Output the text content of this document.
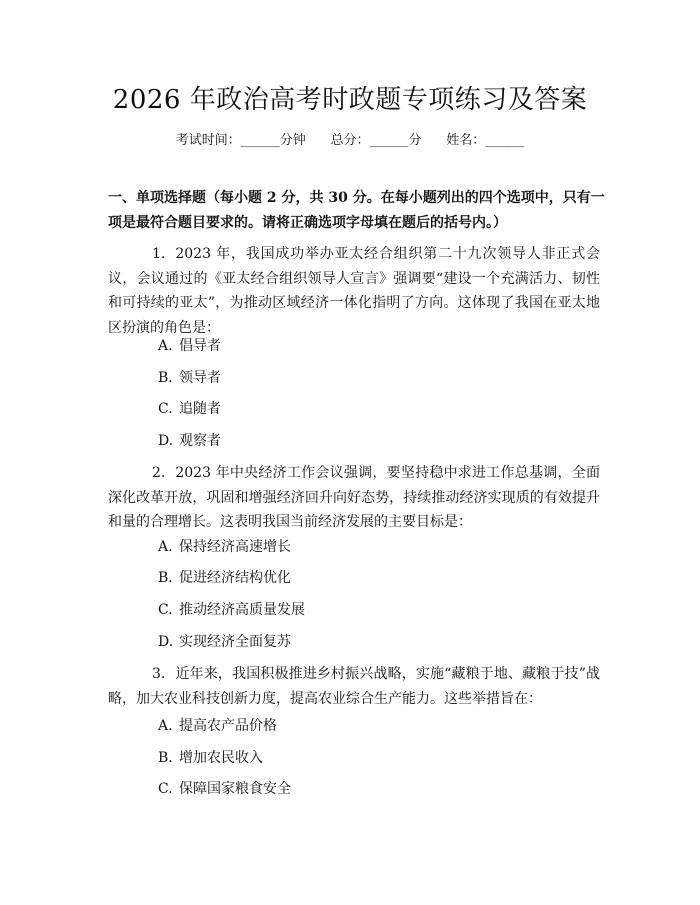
2026 年政治高考时政题专项练习及答案
考试时间：______分钟      总分：______分      姓名：______
一、单项选择题（每小题 2 分，共 30 分。在每小题列出的四个选项中，只有一项是最符合题目要求的。请将正确选项字母填在题后的括号内。）
1. 2023 年，我国成功举办亚太经合组织第二十九次领导人非正式会议，会议通过的《亚太经合组织领导人宣言》强调要“建设一个充满活力、韧性和可持续的亚太”，为推动区域经济一体化指明了方向。这体现了我国在亚太地区扮演的角色是：
A. 倡导者
B. 领导者
C. 追随者
D. 观察者
2. 2023 年中央经济工作会议强调，要坚持稳中求进工作总基调，全面深化改革开放，巩固和增强经济回升向好态势，持续推动经济实现质的有效提升和量的合理增长。这表明我国当前经济发展的主要目标是：
A. 保持经济高速增长
B. 促进经济结构优化
C. 推动经济高质量发展
D. 实现经济全面复苏
3. 近年来，我国积极推进乡村振兴战略，实施“藏粮于地、藏粮于技”战略，加大农业科技创新力度，提高农业综合生产能力。这些举措旨在：
A. 提高农产品价格
B. 增加农民收入
C. 保障国家粮食安全
